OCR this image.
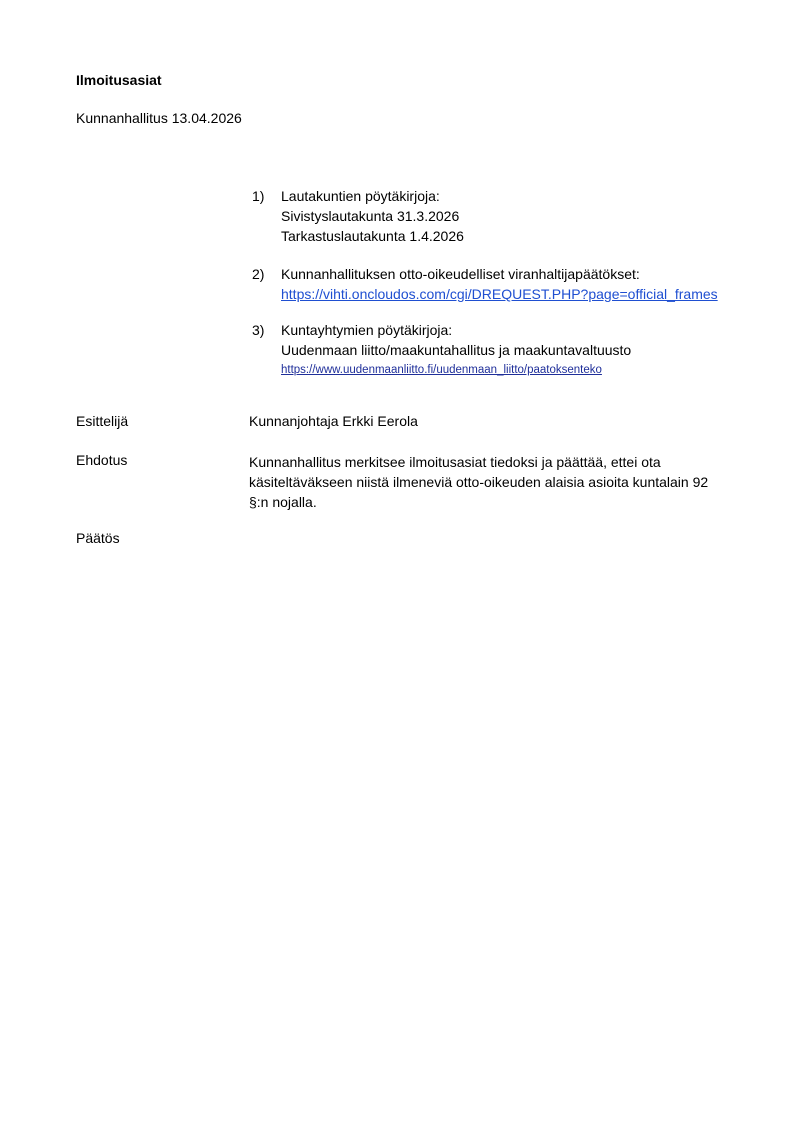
Ilmoitusasiat
Kunnanhallitus 13.04.2026
1) Lautakuntien pöytäkirjoja:
Sivistyslautakunta 31.3.2026
Tarkastuslautakunta 1.4.2026
2) Kunnanhallituksen otto-oikeudelliset viranhaltijapäätökset:
https://vihti.oncloudos.com/cgi/DREQUEST.PHP?page=official_frames
3) Kuntayhtymien pöytäkirjoja:
Uudenmaan liitto/maakuntahallitus ja maakuntavaltuusto
https://www.uudenmaanliitto.fi/uudenmaan_liitto/paatoksenteko
Esittelijä	Kunnanjohtaja Erkki Eerola
Ehdotus	Kunnanhallitus merkitsee ilmoitusasiat tiedoksi ja päättää, ettei ota
käsiteltäväkseen niistä ilmeneviä otto-oikeuden alaisia asioita kuntalain 92
§:n nojalla.
Päätös
